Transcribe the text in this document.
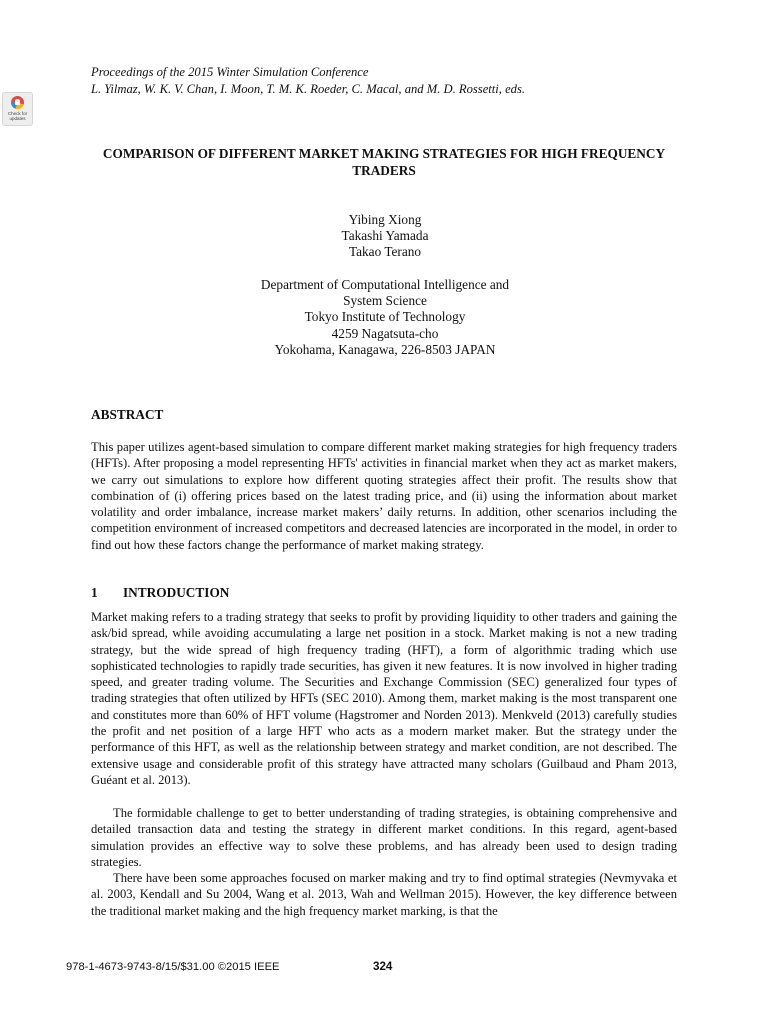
Proceedings of the 2015 Winter Simulation Conference
L. Yilmaz, W. K. V. Chan, I. Moon, T. M. K. Roeder, C. Macal, and M. D. Rossetti, eds.
Check for updates
COMPARISON OF DIFFERENT MARKET MAKING STRATEGIES FOR HIGH FREQUENCY TRADERS
Yibing Xiong
Takashi Yamada
Takao Terano
Department of Computational Intelligence and
System Science
Tokyo Institute of Technology
4259 Nagatsuta-cho
Yokohama, Kanagawa, 226-8503 JAPAN
ABSTRACT

This paper utilizes agent-based simulation to compare different market making strategies for high frequency traders (HFTs). After proposing a model representing HFTs' activities in financial market when they act as market makers, we carry out simulations to explore how different quoting strategies affect their profit. The results show that combination of (i) offering prices based on the latest trading price, and (ii) using the information about market volatility and order imbalance, increase market makers’ daily returns. In addition, other scenarios including the competition environment of increased competitors and decreased latencies are incorporated in the model, in order to find out how these factors change the performance of market making strategy.

1 INTRODUCTION

Market making refers to a trading strategy that seeks to profit by providing liquidity to other traders and gaining the ask/bid spread, while avoiding accumulating a large net position in a stock. Market making is not a new trading strategy, but the wide spread of high frequency trading (HFT), a form of algorithmic trading which use sophisticated technologies to rapidly trade securities, has given it new features. It is now involved in higher trading speed, and greater trading volume. The Securities and Exchange Commission (SEC) generalized four types of trading strategies that often utilized by HFTs (SEC 2010). Among them, market making is the most transparent one and constitutes more than 60% of HFT volume (Hagstromer and Norden 2013). Menkveld (2013) carefully studies the profit and net position of a large HFT who acts as a modern market maker. But the strategy under the performance of this HFT, as well as the relationship between strategy and market condition, are not described. The extensive usage and considerable profit of this strategy have attracted many scholars (Guilbaud and Pham 2013, Guéant et al. 2013).

The formidable challenge to get to better understanding of trading strategies, is obtaining comprehensive and detailed transaction data and testing the strategy in different market conditions. In this regard, agent-based simulation provides an effective way to solve these problems, and has already been used to design trading strategies.

There have been some approaches focused on marker making and try to find optimal strategies (Nevmyvaka et al. 2003, Kendall and Su 2004, Wang et al. 2013, Wah and Wellman 2015). However, the key difference between the traditional market making and the high frequency market marking, is that the

978-1-4673-9743-8/15/$31.00 ©2015 IEEE	324
